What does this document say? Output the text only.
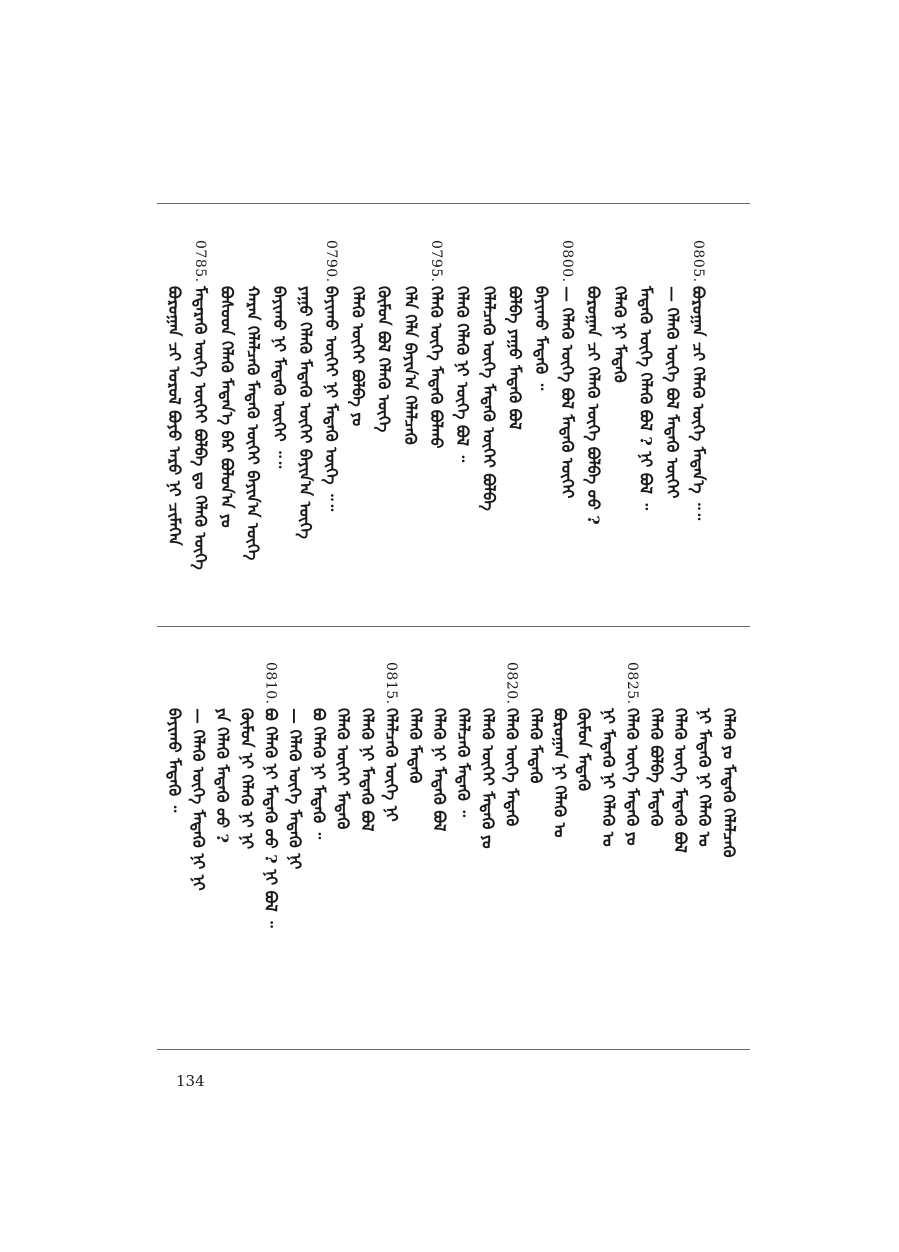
ᠪᠣᠷᠣᠭᠠᠨ ᠴᠢ ᠤᠷᠤᠯ ᠪᠤᠶᠤ ᠠᠷᠤ ᠨᠢ ᠴᠢᠮᠡᠭᠡᠨ
0785.
ᠮᠡᠳᠡᠷᠡᠬᠦ ᠦᠭᠡ ᠦᠭᠡᠢ ᠪᠤᠯᠪᠠ ᠳᠤ ᠬᠡᠯᠡᠬᠦ ᠦᠭᠡ ᠪᠤᠰᠤᠳ ᠬᠡᠯᠡᠬᠦ ᠮᠡᠳᠡᠨ᠎ᠡ ᠪᠡᠷ ᠪᠤᠯᠤᠨ᠎ᠠ ᠶᠤ ᠬᠠᠷᠠᠨ ᠬᠡᠯᠡᠯᠴᠡᠬᠦ ᠮᠡᠳᠡᠬᠦ ᠦᠭᠡᠢ ᠪᠠᠶᠢᠨ᠎ᠠ ᠦᠭᠡ ᠪᠠᠶᠢᠬᠤ ᠨᠢ ᠮᠡᠳᠡᠬᠦ ᠦᠭᠡᠢ ᠃᠃ ᠶᠠᠭᠤ ᠬᠡᠯᠡᠬᠦ ᠮᠡᠳᠡᠬᠦ ᠦᠭᠡᠢ ᠪᠠᠶᠢᠨ᠎ᠠ ᠦᠭᠡ
0790.
ᠪᠠᠶᠢᠬᠤ ᠦᠭᠡᠢ ᠨᠢ ᠮᠡᠳᠡᠬᠦ ᠦᠭᠡ ᠃᠃ ᠬᠡᠯᠡᠬᠦ ᠦᠭᠡᠢ ᠪᠣᠯᠪᠠ ᠶᠤ ᠬᠦᠮᠦᠨ ᠪᠣᠯ ᠬᠡᠯᠡᠬᠦ ᠦᠭᠡ ᠬᠡᠯᠡ ᠬᠡᠯᠡ ᠪᠠᠶᠢᠨ᠎ᠠ ᠬᠡᠯᠡᠯᠴᠡᠬᠦ
0795.
ᠬᠡᠯᠡᠬᠦ ᠦᠭᠡ ᠮᠡᠳᠡᠬᠦ ᠪᠣᠯᠬᠤ ᠬᠡᠯᠡᠬᠦ ᠬᠡᠯᠡᠬᠦ ᠨᠢ ᠦᠭᠡ ᠪᠣᠯ ᠃ ᠬᠡᠯᠡᠯᠴᠡᠬᠦ ᠦᠭᠡ ᠮᠡᠳᠡᠬᠦ ᠦᠭᠡᠢ ᠪᠣᠯᠪᠠ ᠪᠣᠯᠪᠠ ᠶᠠᠭᠤ ᠮᠡᠳᠡᠬᠦ ᠪᠣᠯ ᠪᠠᠶᠢᠬᠤ ᠮᠡᠳᠡᠬᠦ ᠃
0800.
— ᠬᠡᠯᠡᠬᠦ ᠦᠭᠡ ᠪᠣᠯ ᠮᠡᠳᠡᠬᠦ ᠦᠭᠡᠢ ᠪᠣᠷᠣᠭᠠᠨ ᠴᠢ ᠬᠡᠯᠡᠬᠦ ᠦᠭᠡ ᠪᠣᠯᠪᠠ ᠤᠤ ? ᠬᠡᠯᠡᠬᠦ ᠨᠢ ᠮᠡᠳᠡᠬᠦ ᠮᠡᠳᠡᠬᠦ ᠦᠭᠡ ᠬᠡᠯᠡᠬᠦ ᠪᠣᠯ ? ᠨᠢ ᠪᠣᠯ ᠃ — ᠬᠡᠯᠡᠬᠦ ᠦᠭᠡ ᠪᠣᠯ ᠮᠡᠳᠡᠬᠦ ᠦᠭᠡᠢ
0805.
ᠪᠣᠷᠣᠭᠠᠨ ᠴᠢ ᠬᠡᠯᠡᠬᠦ ᠦᠭᠡ ᠮᠡᠳᠡᠨ᠎ᠡ ᠃᠃
ᠪᠠᠶᠢᠬᠤ ᠮᠡᠳᠡᠬᠦ ᠃ — ᠬᠡᠯᠡᠬᠦ ᠦᠭᠡ ᠮᠡᠳᠡᠬᠦ ᠨᠢ ᠨᠢ ᠶᠠ ᠬᠡᠯᠡᠬᠦ ᠮᠡᠳᠡᠬᠦ ᠤᠤ ? ᠬᠦᠮᠦᠨ ᠨᠢ ᠬᠡᠯᠡᠬᠦ ᠨᠢ ᠨᠢ
0810.
ᠪᠣ ᠬᠡᠯᠡᠬᠦ ᠨᠢ ᠮᠡᠳᠡᠬᠦ ᠤᠤ ? ᠨᠢ ᠪᠣᠯ ᠃ — ᠬᠡᠯᠡᠬᠦ ᠦᠭᠡ ᠮᠡᠳᠡᠬᠦ ᠨᠢ ᠪᠣ ᠬᠡᠯᠡᠬᠦ ᠨᠢ ᠮᠡᠳᠡᠬᠦ ᠃ ᠬᠡᠯᠡᠬᠦ ᠦᠭᠡᠢ ᠮᠡᠳᠡᠬᠦ ᠬᠡᠯᠡᠬᠦ ᠨᠢ ᠮᠡᠳᠡᠬᠦ ᠪᠣᠯ
0815.
ᠬᠡᠯᠡᠯᠴᠡᠬᠦ ᠦᠭᠡ ᠨᠢ ᠬᠡᠯᠡᠬᠦ ᠮᠡᠳᠡᠬᠦ ᠬᠡᠯᠡᠬᠦ ᠨᠢ ᠮᠡᠳᠡᠬᠦ ᠪᠣᠯ ᠬᠡᠯᠡᠯᠴᠡᠬᠦ ᠮᠡᠳᠡᠬᠦ ᠃ ᠬᠡᠯᠡᠬᠦ ᠦᠭᠡᠢ ᠮᠡᠳᠡᠬᠦ ᠶᠤ
0820.
ᠬᠡᠯᠡᠬᠦ ᠦᠭᠡ ᠮᠡᠳᠡᠬᠦ ᠬᠡᠯᠡᠬᠦ ᠮᠡᠳᠡᠬᠦ ᠪᠣᠷᠣᠭᠠᠨ ᠨᠢ ᠬᠡᠯᠡᠬᠦ ᠤ ᠬᠦᠮᠦᠨ ᠮᠡᠳᠡᠬᠦ ᠨᠢ ᠮᠡᠳᠡᠬᠦ ᠨᠢ ᠬᠡᠯᠡᠬᠦ ᠤ
0825.
ᠬᠡᠯᠡᠬᠦ ᠦᠭᠡ ᠮᠡᠳᠡᠬᠦ ᠶᠤ ᠬᠡᠯᠡᠬᠦ ᠪᠣᠯᠪᠠ ᠮᠡᠳᠡᠬᠦ ᠬᠡᠯᠡᠬᠦ ᠦᠭᠡ ᠮᠡᠳᠡᠬᠦ ᠪᠣᠯ ᠨᠢ ᠮᠡᠳᠡᠬᠦ ᠨᠢ ᠬᠡᠯᠡᠬᠦ ᠤ ᠬᠡᠯᠡᠬᠦ ᠶᠤ ᠮᠡᠳᠡᠬᠦ ᠬᠡᠯᠡᠯᠴᠡᠬᠦ
134
